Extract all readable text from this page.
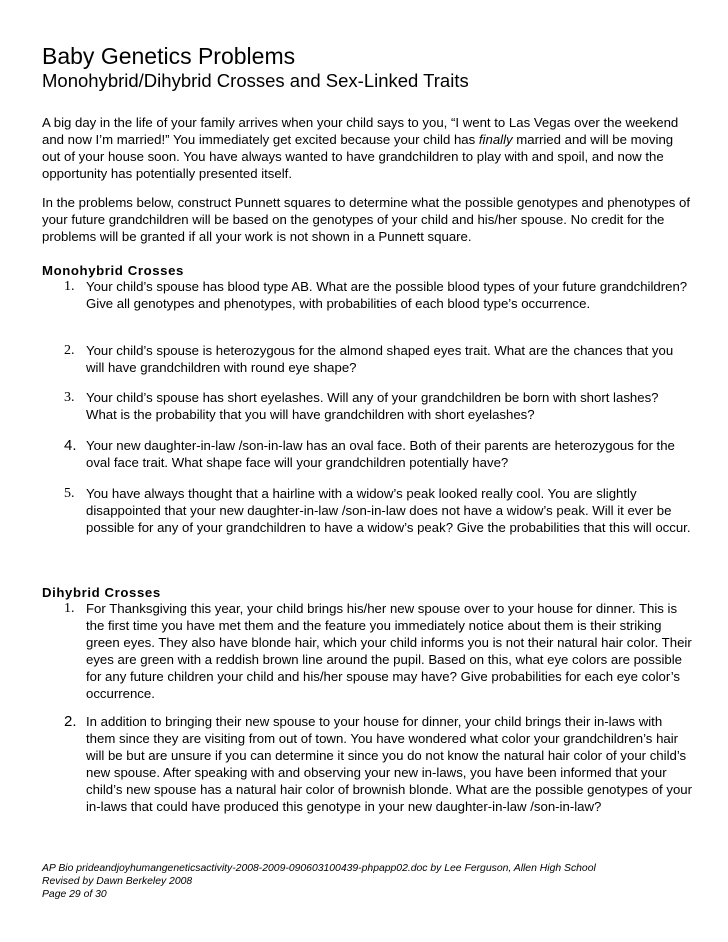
Baby Genetics Problems
Monohybrid/Dihybrid Crosses and Sex-Linked Traits
A big day in the life of your family arrives when your child says to you, “I went to Las Vegas over the weekend and now I’m married!” You immediately get excited because your child has finally married and will be moving out of your house soon. You have always wanted to have grandchildren to play with and spoil, and now the opportunity has potentially presented itself.
In the problems below, construct Punnett squares to determine what the possible genotypes and phenotypes of your future grandchildren will be based on the genotypes of your child and his/her spouse. No credit for the problems will be granted if all your work is not shown in a Punnett square.
Monohybrid Crosses
1. Your child’s spouse has blood type AB. What are the possible blood types of your future grandchildren? Give all genotypes and phenotypes, with probabilities of each blood type’s occurrence.
2. Your child’s spouse is heterozygous for the almond shaped eyes trait. What are the chances that you will have grandchildren with round eye shape?
3. Your child’s spouse has short eyelashes. Will any of your grandchildren be born with short lashes? What is the probability that you will have grandchildren with short eyelashes?
4. Your new daughter-in-law /son-in-law has an oval face. Both of their parents are heterozygous for the oval face trait. What shape face will your grandchildren potentially have?
5. You have always thought that a hairline with a widow’s peak looked really cool. You are slightly disappointed that your new daughter-in-law /son-in-law does not have a widow’s peak. Will it ever be possible for any of your grandchildren to have a widow’s peak? Give the probabilities that this will occur.
Dihybrid Crosses
1. For Thanksgiving this year, your child brings his/her new spouse over to your house for dinner. This is the first time you have met them and the feature you immediately notice about them is their striking green eyes. They also have blonde hair, which your child informs you is not their natural hair color. Their eyes are green with a reddish brown line around the pupil. Based on this, what eye colors are possible for any future children your child and his/her spouse may have? Give probabilities for each eye color’s occurrence.
2. In addition to bringing their new spouse to your house for dinner, your child brings their in-laws with them since they are visiting from out of town. You have wondered what color your grandchildren’s hair will be but are unsure if you can determine it since you do not know the natural hair color of your child’s new spouse. After speaking with and observing your new in-laws, you have been informed that your child’s new spouse has a natural hair color of brownish blonde. What are the possible genotypes of your in-laws that could have produced this genotype in your new daughter-in-law /son-in-law?
AP Bio prideandjoyhumangeneticsactivity-2008-2009-090603100439-phpapp02.doc by Lee Ferguson, Allen High School
Revised by Dawn Berkeley 2008
Page 29 of 30
